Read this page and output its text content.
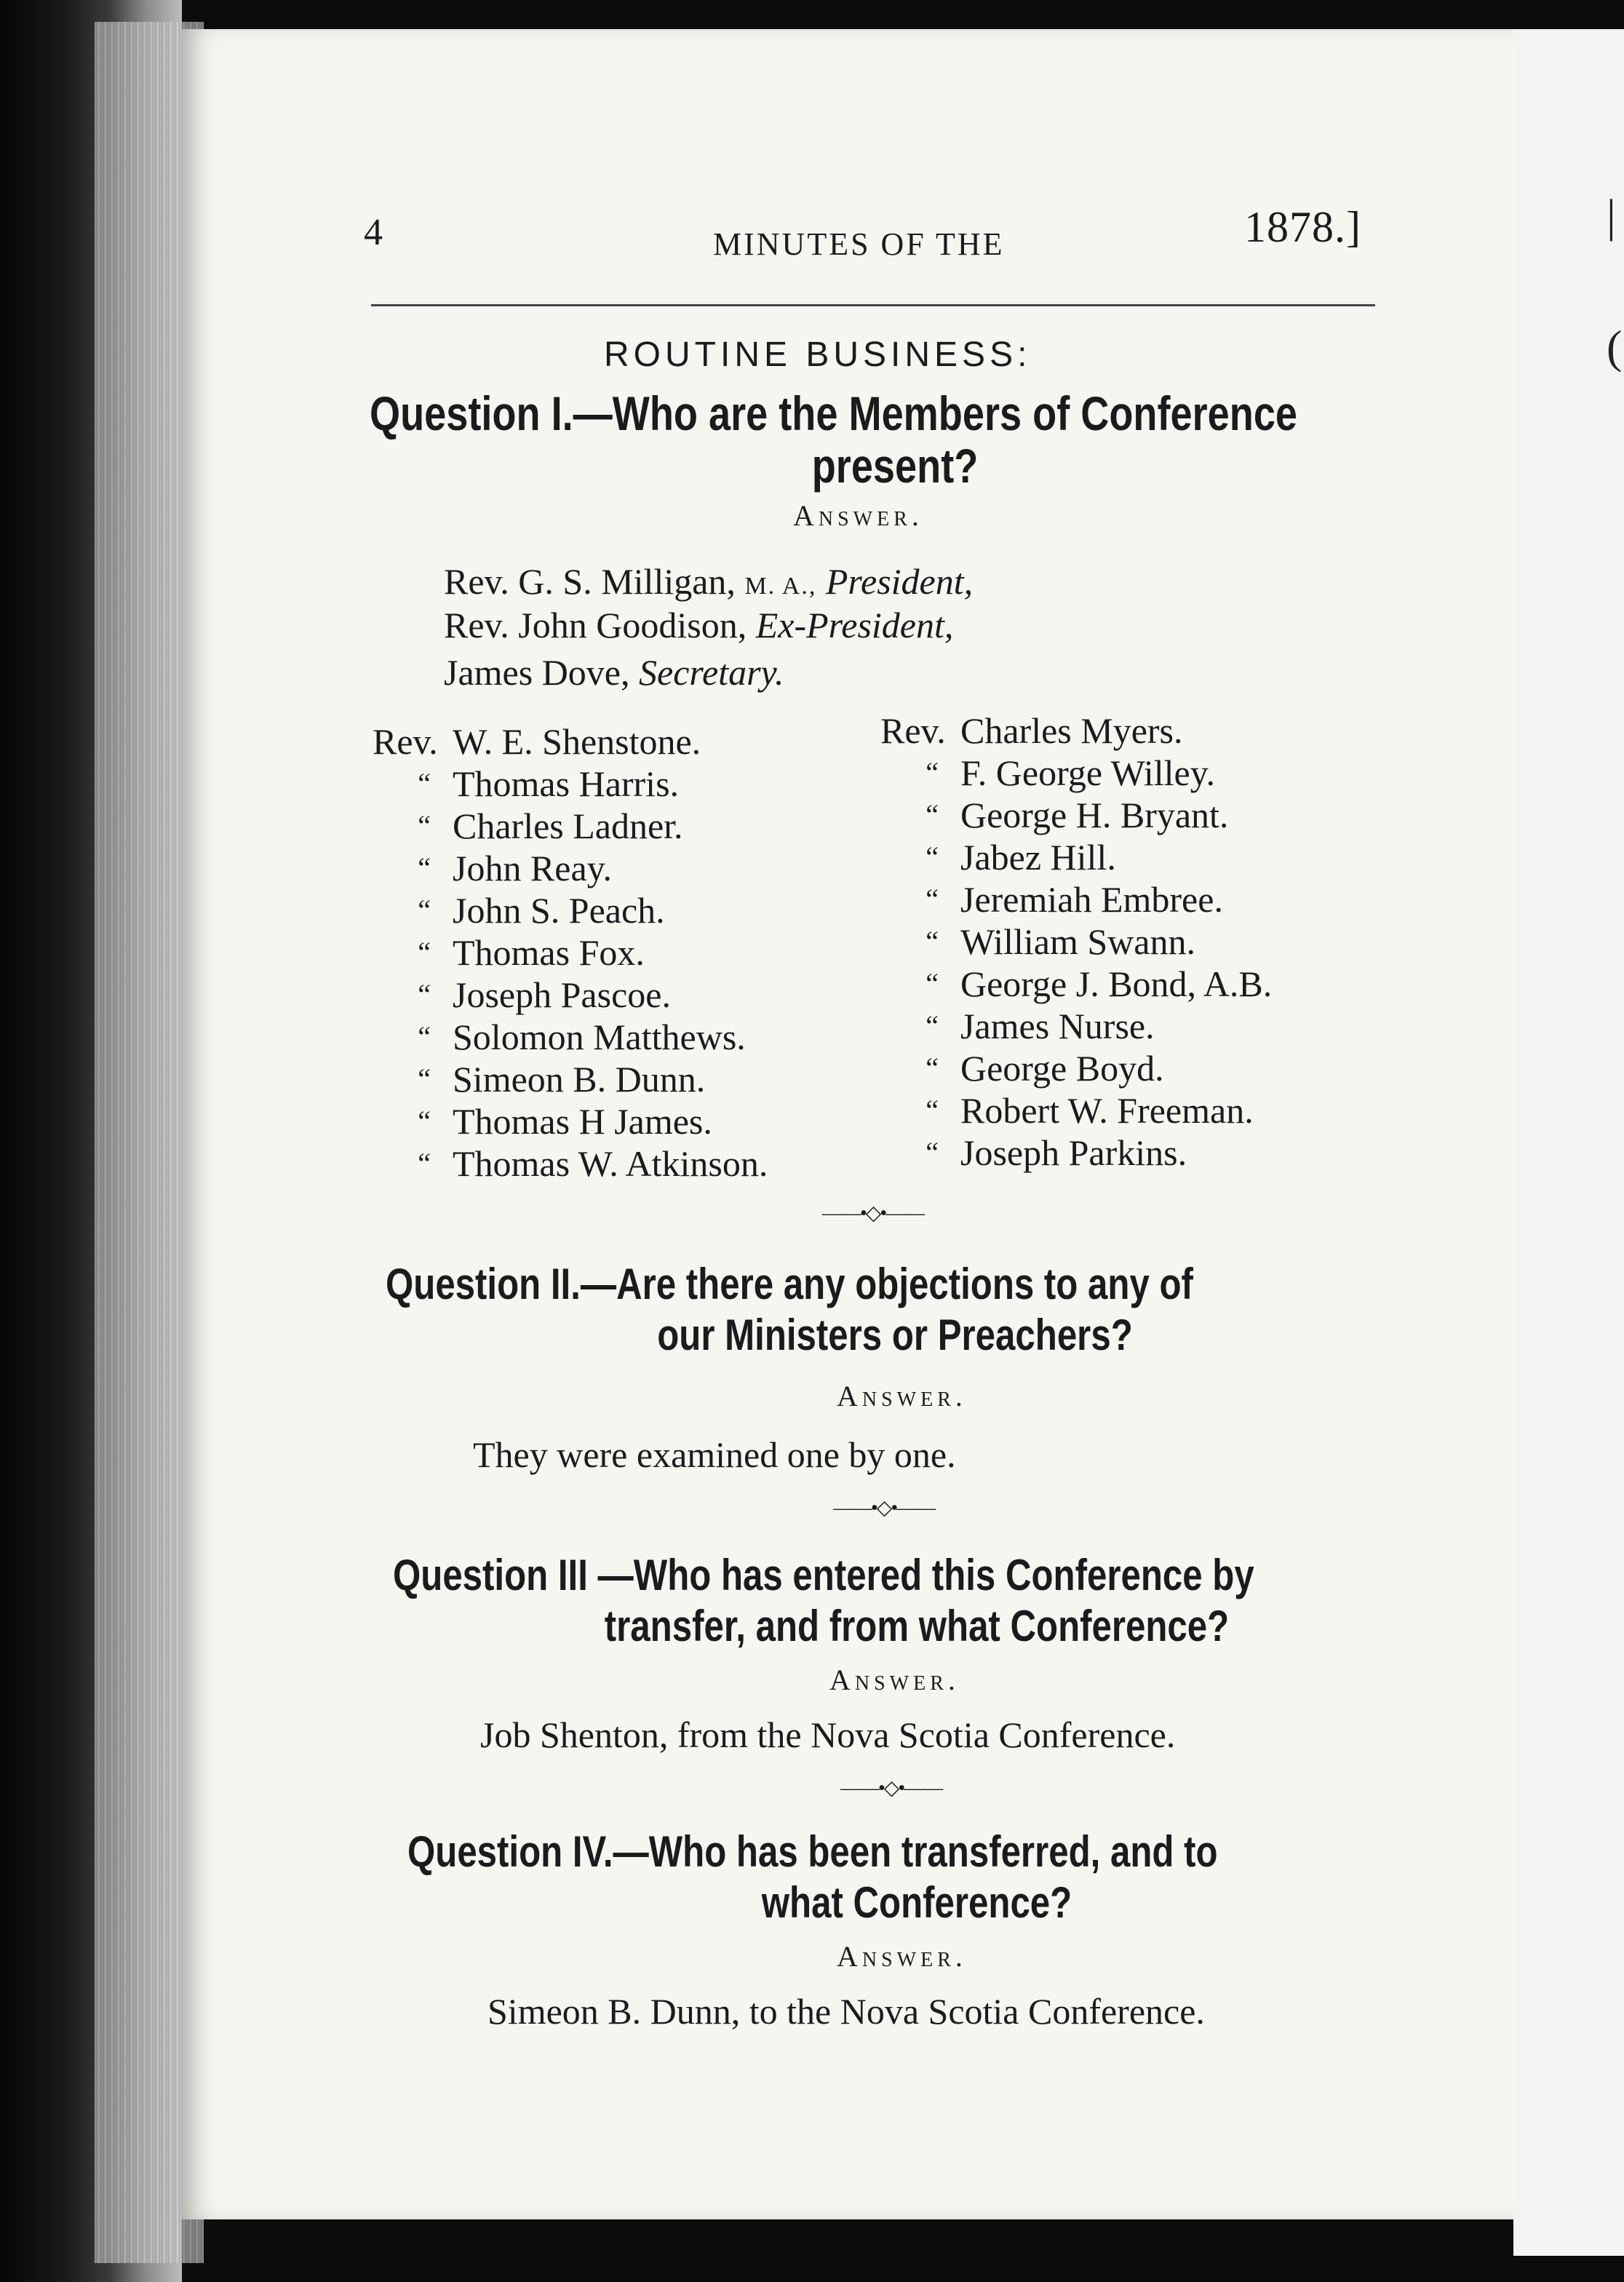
|
(
4	MINUTES OF THE	1878.]
ROUTINE BUSINESS:
Question I.—Who are the Members of Conference
present?
Answer.
Rev. G. S. Milligan, M. A., President,
Rev. John Goodison, Ex-President,
James Dove, Secretary.
Rev. W. E. Shenstone.
“ Thomas Harris.
“ Charles Ladner.
“ John Reay.
“ John S. Peach.
“ Thomas Fox.
“ Joseph Pascoe.
“ Solomon Matthews.
“ Simeon B. Dunn.
“ Thomas H James.
“ Thomas W. Atkinson.
Rev. Charles Myers.
“ F. George Willey.
“ George H. Bryant.
“ Jabez Hill.
“ Jeremiah Embree.
“ William Swann.
“ George J. Bond, A.B.
“ James Nurse.
“ George Boyd.
“ Robert W. Freeman.
“ Joseph Parkins.
——•◇•——
Question II.—Are there any objections to any of
our Ministers or Preachers?
Answer.
They were examined one by one.
——•◇•——
Question III —Who has entered this Conference by
transfer, and from what Conference?
Answer.
Job Shenton, from the Nova Scotia Conference.
——•◇•——
Question IV.—Who has been transferred, and to
what Conference?
Answer.
Simeon B. Dunn, to the Nova Scotia Conference.
